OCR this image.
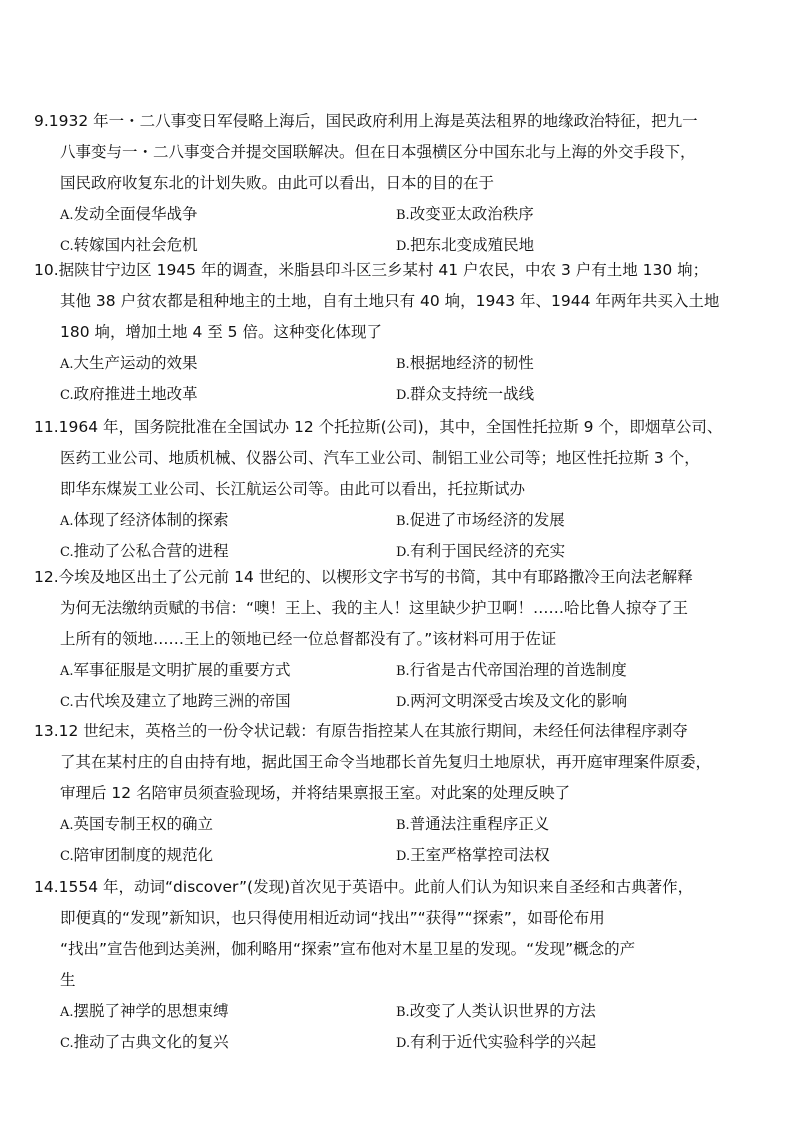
9.1932 年一・二八事变日军侵略上海后，国民政府利用上海是英法租界的地缘政治特征，把九一
八事变与一・二八事变合并提交国联解决。但在日本强横区分中国东北与上海的外交手段下，
国民政府收复东北的计划失败。由此可以看出，日本的目的在于
A.发动全面侵华战争	B.改变亚太政治秩序
C.转嫁国内社会危机	D.把东北变成殖民地
10.据陕甘宁边区 1945 年的调查，米脂县印斗区三乡某村 41 户农民，中农 3 户有土地 130 垧；
其他 38 户贫农都是租种地主的土地，自有土地只有 40 垧，1943 年、1944 年两年共买入土地
180 垧，增加土地 4 至 5 倍。这种变化体现了
A.大生产运动的效果	B.根据地经济的韧性
C.政府推进土地改革	D.群众支持统一战线
11.1964 年，国务院批准在全国试办 12 个托拉斯(公司)，其中，全国性托拉斯 9 个，即烟草公司、
医药工业公司、地质机械、仪器公司、汽车工业公司、制铝工业公司等；地区性托拉斯 3 个，
即华东煤炭工业公司、长江航运公司等。由此可以看出，托拉斯试办
A.体现了经济体制的探索	B.促进了市场经济的发展
C.推动了公私合营的进程	D.有利于国民经济的充实
12.今埃及地区出土了公元前 14 世纪的、以楔形文字书写的书简，其中有耶路撒冷王向法老解释
为何无法缴纳贡赋的书信：“噢！王上、我的主人！这里缺少护卫啊！……哈比鲁人掠夺了王
上所有的领地……王上的领地已经一位总督都没有了。”该材料可用于佐证
A.军事征服是文明扩展的重要方式	B.行省是古代帝国治理的首选制度
C.古代埃及建立了地跨三洲的帝国	D.两河文明深受古埃及文化的影响
13.12 世纪末，英格兰的一份令状记载：有原告指控某人在其旅行期间，未经任何法律程序剥夺
了其在某村庄的自由持有地，据此国王命令当地郡长首先复归土地原状，再开庭审理案件原委，
审理后 12 名陪审员须查验现场，并将结果禀报王室。对此案的处理反映了
A.英国专制王权的确立	B.普通法注重程序正义
C.陪审团制度的规范化	D.王室严格掌控司法权
14.1554 年，动词“discover”(发现)首次见于英语中。此前人们认为知识来自圣经和古典著作，
即便真的“发现”新知识，也只得使用相近动词“找出”“获得”“探索”，如哥伦布用
“找出”宣告他到达美洲，伽利略用“探索”宣布他对木星卫星的发现。“发现”概念的产
生
A.摆脱了神学的思想束缚	B.改变了人类认识世界的方法
C.推动了古典文化的复兴	D.有利于近代实验科学的兴起
